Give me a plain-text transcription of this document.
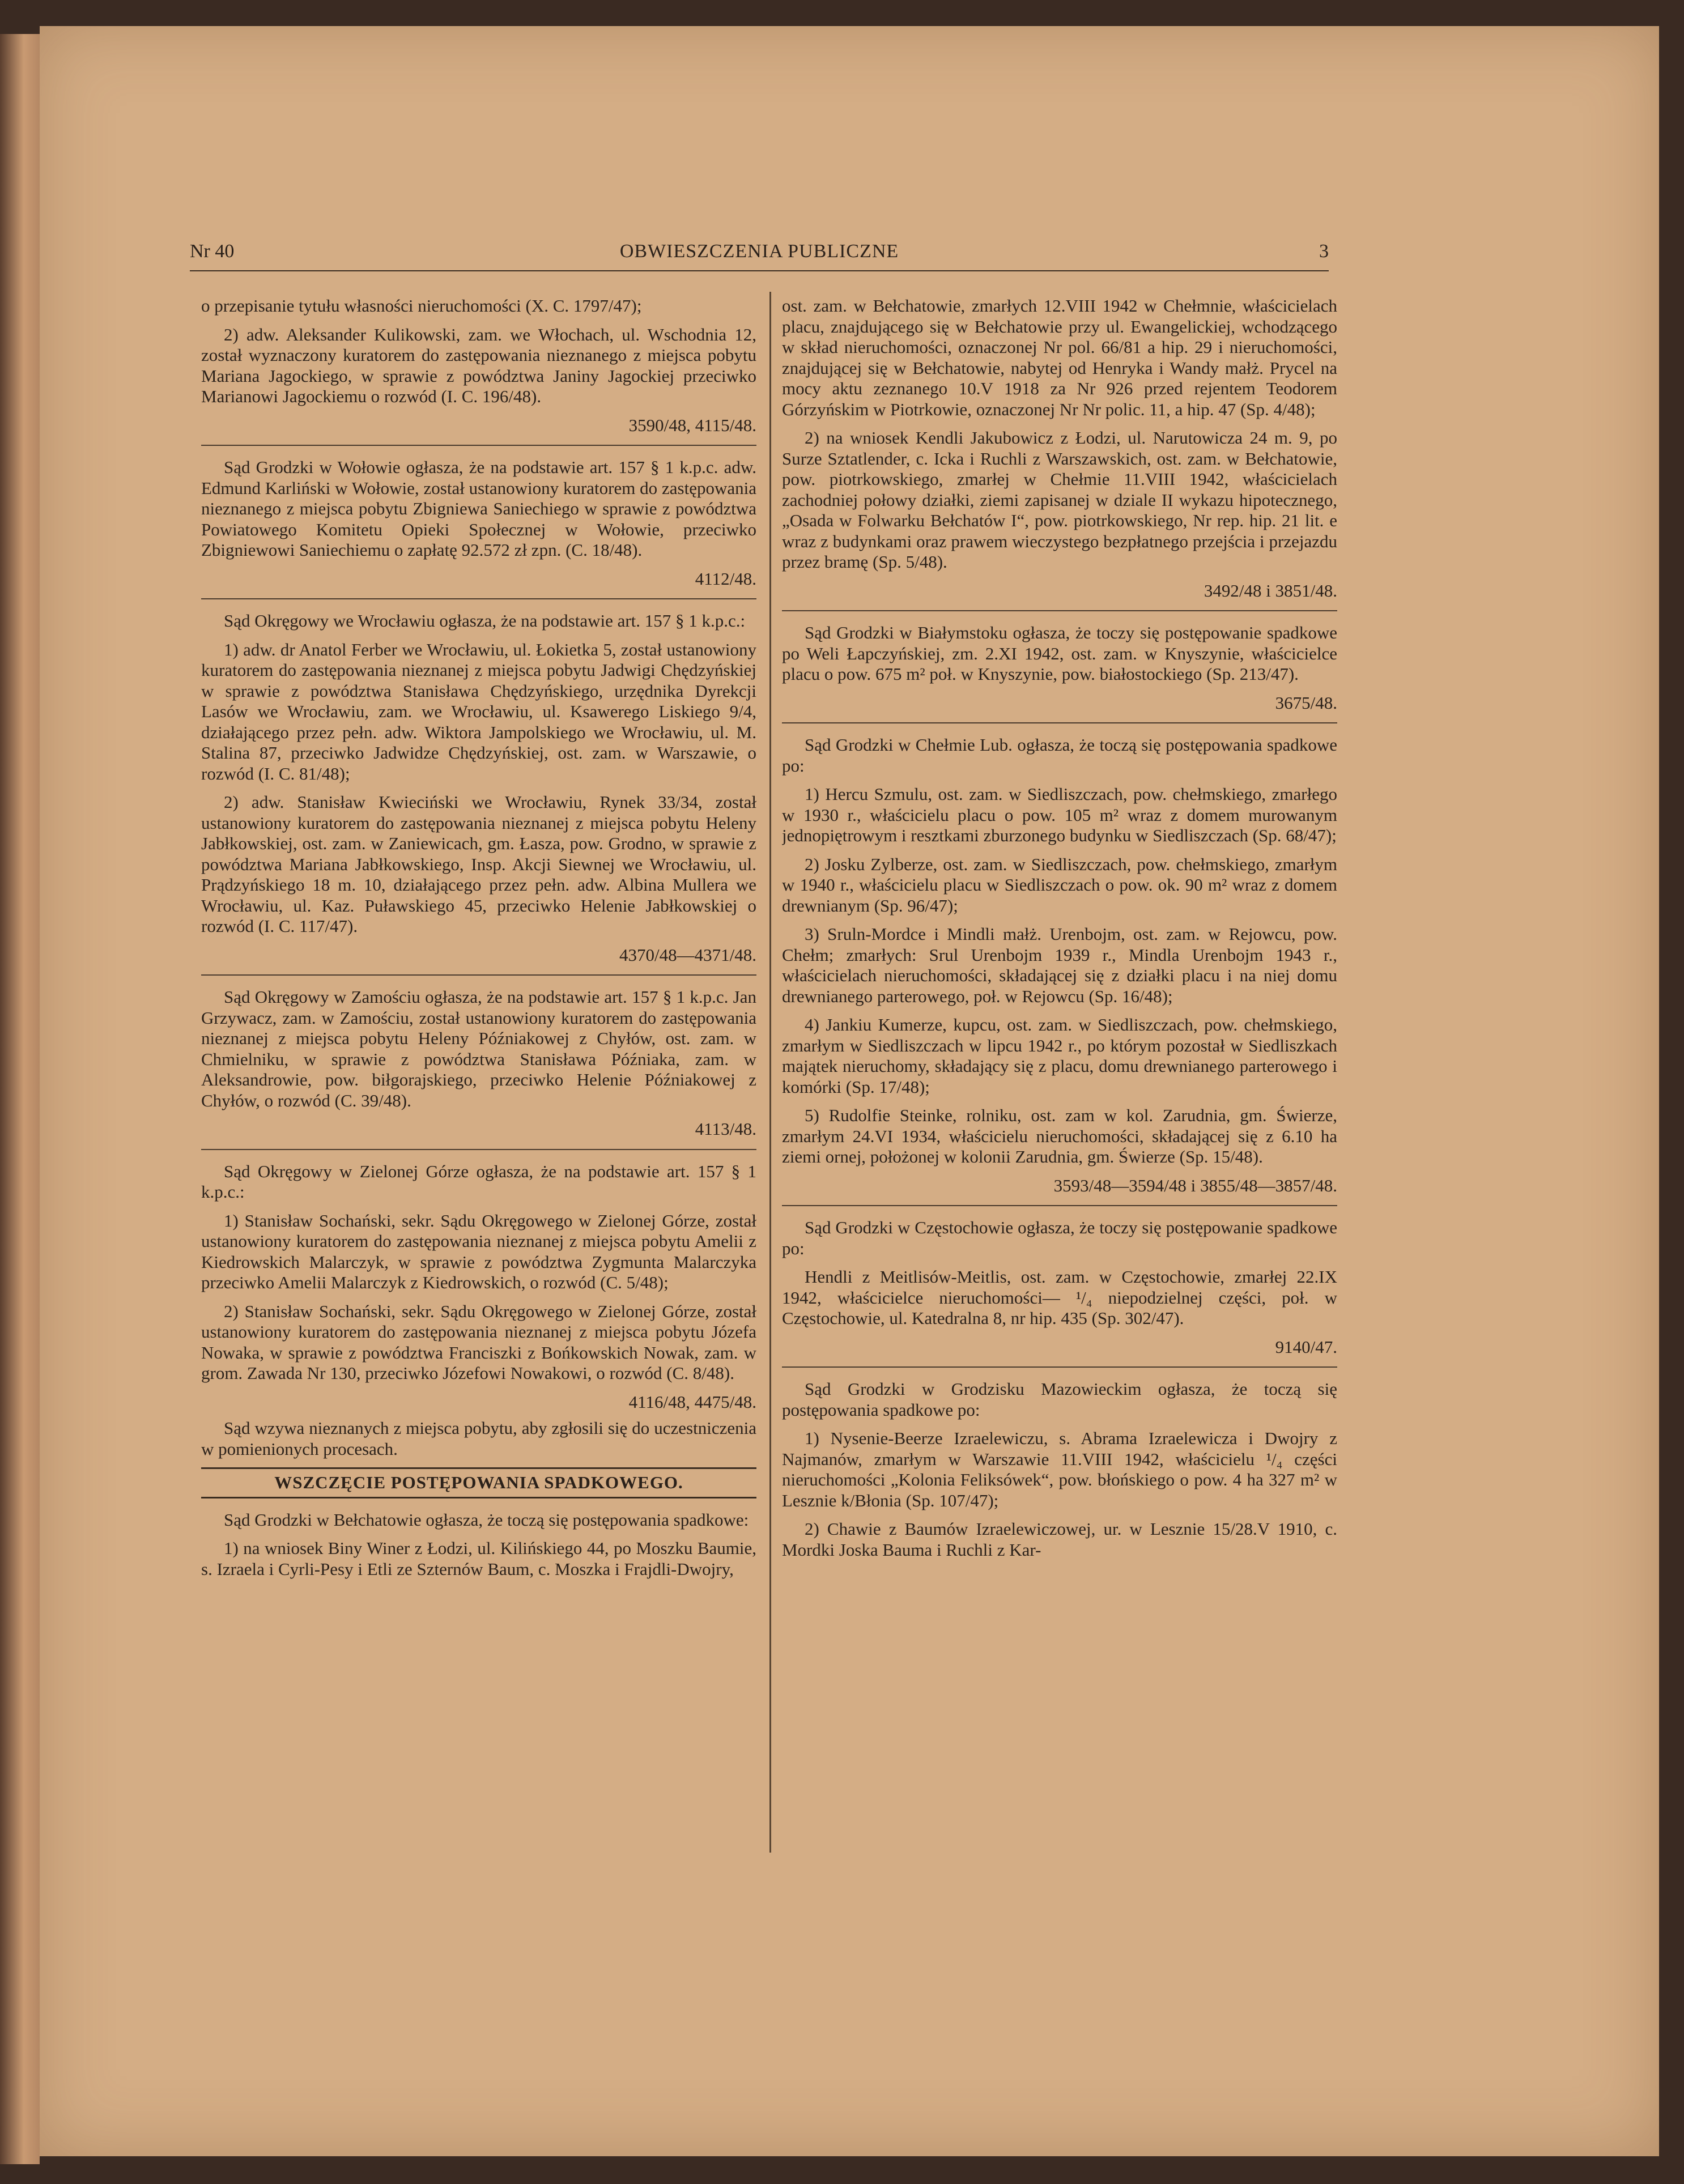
Nr 40	OBWIESZCZENIA PUBLICZNE	3

o przepisanie tytułu własności nieruchomości (X. C. 1797/47);

2) adw. Aleksander Kulikowski, zam. we Włochach, ul. Wschodnia 12, został wyznaczony kuratorem do zastępowania nieznanego z miejsca pobytu Mariana Jagockiego, w sprawie z powództwa Janiny Jagockiej przeciwko Marianowi Jagockiemu o rozwód (I. C. 196/48).

3590/48, 4115/48.

Sąd Grodzki w Wołowie ogłasza, że na podstawie art. 157 § 1 k.p.c. adw. Edmund Karliński w Wołowie, został ustanowiony kuratorem do zastępowania nieznanego z miejsca pobytu Zbigniewa Saniechiego w sprawie z powództwa Powiatowego Komitetu Opieki Społecznej w Wołowie, przeciwko Zbigniewowi Saniechiemu o zapłatę 92.572 zł zpn. (C. 18/48).

4112/48.

Sąd Okręgowy we Wrocławiu ogłasza, że na podstawie art. 157 § 1 k.p.c.:

1) adw. dr Anatol Ferber we Wrocławiu, ul. Łokietka 5, został ustanowiony kuratorem do zastępowania nieznanej z miejsca pobytu Jadwigi Chędzyńskiej w sprawie z powództwa Stanisława Chędzyńskiego, urzędnika Dyrekcji Lasów we Wrocławiu, zam. we Wrocławiu, ul. Ksawerego Liskiego 9/4, działającego przez pełn. adw. Wiktora Jampolskiego we Wrocławiu, ul. M. Stalina 87, przeciwko Jadwidze Chędzyńskiej, ost. zam. w Warszawie, o rozwód (I. C. 81/48);

2) adw. Stanisław Kwieciński we Wrocławiu, Rynek 33/34, został ustanowiony kuratorem do zastępowania nieznanej z miejsca pobytu Heleny Jabłkowskiej, ost. zam. w Zaniewicach, gm. Łasza, pow. Grodno, w sprawie z powództwa Mariana Jabłkowskiego, Insp. Akcji Siewnej we Wrocławiu, ul. Prądzyńskiego 18 m. 10, działającego przez pełn. adw. Albina Mullera we Wrocławiu, ul. Kaz. Puławskiego 45, przeciwko Helenie Jabłkowskiej o rozwód (I. C. 117/47).

4370/48—4371/48.

Sąd Okręgowy w Zamościu ogłasza, że na podstawie art. 157 § 1 k.p.c. Jan Grzywacz, zam. w Zamościu, został ustanowiony kuratorem do zastępowania nieznanej z miejsca pobytu Heleny Późniakowej z Chyłów, ost. zam. w Chmielniku, w sprawie z powództwa Stanisława Późniaka, zam. w Aleksandrowie, pow. biłgorajskiego, przeciwko Helenie Późniakowej z Chyłów, o rozwód (C. 39/48).

4113/48.

Sąd Okręgowy w Zielonej Górze ogłasza, że na podstawie art. 157 § 1 k.p.c.:

1) Stanisław Sochański, sekr. Sądu Okręgowego w Zielonej Górze, został ustanowiony kuratorem do zastępowania nieznanej z miejsca pobytu Amelii z Kiedrowskich Malarczyk, w sprawie z powództwa Zygmunta Malarczyka przeciwko Amelii Malarczyk z Kiedrowskich, o rozwód (C. 5/48);

2) Stanisław Sochański, sekr. Sądu Okręgowego w Zielonej Górze, został ustanowiony kuratorem do zastępowania nieznanej z miejsca pobytu Józefa Nowaka, w sprawie z powództwa Franciszki z Bońkowskich Nowak, zam. w grom. Zawada Nr 130, przeciwko Józefowi Nowakowi, o rozwód (C. 8/48).

4116/48, 4475/48.

Sąd wzywa nieznanych z miejsca pobytu, aby zgłosili się do uczestniczenia w pomienionych procesach.

WSZCZĘCIE POSTĘPOWANIA SPADKOWEGO.

Sąd Grodzki w Bełchatowie ogłasza, że toczą się postępowania spadkowe:

1) na wniosek Biny Winer z Łodzi, ul. Kilińskiego 44, po Moszku Baumie, s. Izraela i Cyrli-Pesy i Etli ze Szternów Baum, c. Moszka i Frajdli-Dwojry,

ost. zam. w Bełchatowie, zmarłych 12.VIII 1942 w Chełmnie, właścicielach placu, znajdującego się w Bełchatowie przy ul. Ewangelickiej, wchodzącego w skład nieruchomości, oznaczonej Nr pol. 66/81 a hip. 29 i nieruchomości, znajdującej się w Bełchatowie, nabytej od Henryka i Wandy małż. Prycel na mocy aktu zeznanego 10.V 1918 za Nr 926 przed rejentem Teodorem Górzyńskim w Piotrkowie, oznaczonej Nr Nr polic. 11, a hip. 47 (Sp. 4/48);

2) na wniosek Kendli Jakubowicz z Łodzi, ul. Narutowicza 24 m. 9, po Surze Sztatlender, c. Icka i Ruchli z Warszawskich, ost. zam. w Bełchatowie, pow. piotrkowskiego, zmarłej w Chełmie 11.VIII 1942, właścicielach zachodniej połowy działki, ziemi zapisanej w dziale II wykazu hipotecznego, „Osada w Folwarku Bełchatów I“, pow. piotrkowskiego, Nr rep. hip. 21 lit. e wraz z budynkami oraz prawem wieczystego bezpłatnego przejścia i przejazdu przez bramę (Sp. 5/48).

3492/48 i 3851/48.

Sąd Grodzki w Białymstoku ogłasza, że toczy się postępowanie spadkowe po Weli Łapczyńskiej, zm. 2.XI 1942, ost. zam. w Knyszynie, właścicielce placu o pow. 675 m² poł. w Knyszynie, pow. białostockiego (Sp. 213/47).

3675/48.

Sąd Grodzki w Chełmie Lub. ogłasza, że toczą się postępowania spadkowe po:

1) Hercu Szmulu, ost. zam. w Siedliszczach, pow. chełmskiego, zmarłego w 1930 r., właścicielu placu o pow. 105 m² wraz z domem murowanym jednopiętrowym i resztkami zburzonego budynku w Siedliszczach (Sp. 68/47);

2) Josku Zylberze, ost. zam. w Siedliszczach, pow. chełmskiego, zmarłym w 1940 r., właścicielu placu w Siedliszczach o pow. ok. 90 m² wraz z domem drewnianym (Sp. 96/47);

3) Sruln-Mordce i Mindli małż. Urenbojm, ost. zam. w Rejowcu, pow. Chełm; zmarłych: Srul Urenbojm 1939 r., Mindla Urenbojm 1943 r., właścicielach nieruchomości, składającej się z działki placu i na niej domu drewnianego parterowego, poł. w Rejowcu (Sp. 16/48);

4) Jankiu Kumerze, kupcu, ost. zam. w Siedliszczach, pow. chełmskiego, zmarłym w Siedliszczach w lipcu 1942 r., po którym pozostał w Siedliszkach majątek nieruchomy, składający się z placu, domu drewnianego parterowego i komórki (Sp. 17/48);

5) Rudolfie Steinke, rolniku, ost. zam w kol. Zarudnia, gm. Świerze, zmarłym 24.VI 1934, właścicielu nieruchomości, składającej się z 6.10 ha ziemi ornej, położonej w kolonii Zarudnia, gm. Świerze (Sp. 15/48).

3593/48—3594/48 i 3855/48—3857/48.

Sąd Grodzki w Częstochowie ogłasza, że toczy się postępowanie spadkowe po:

Hendli z Meitlisów-Meitlis, ost. zam. w Częstochowie, zmarłej 22.IX 1942, właścicielce nieruchomości— ¹/₄ niepodzielnej części, poł. w Częstochowie, ul. Katedralna 8, nr hip. 435 (Sp. 302/47).

9140/47.

Sąd Grodzki w Grodzisku Mazowieckim ogłasza, że toczą się postępowania spadkowe po:

1) Nysenie-Beerze Izraelewiczu, s. Abrama Izraelewicza i Dwojry z Najmanów, zmarłym w Warszawie 11.VIII 1942, właścicielu ¹/₄ części nieruchomości „Kolonia Feliksówek“, pow. błońskiego o pow. 4 ha 327 m² w Lesznie k/Błonia (Sp. 107/47);

2) Chawie z Baumów Izraelewiczowej, ur. w Lesznie 15/28.V 1910, c. Mordki Joska Bauma i Ruchli z Kar-
